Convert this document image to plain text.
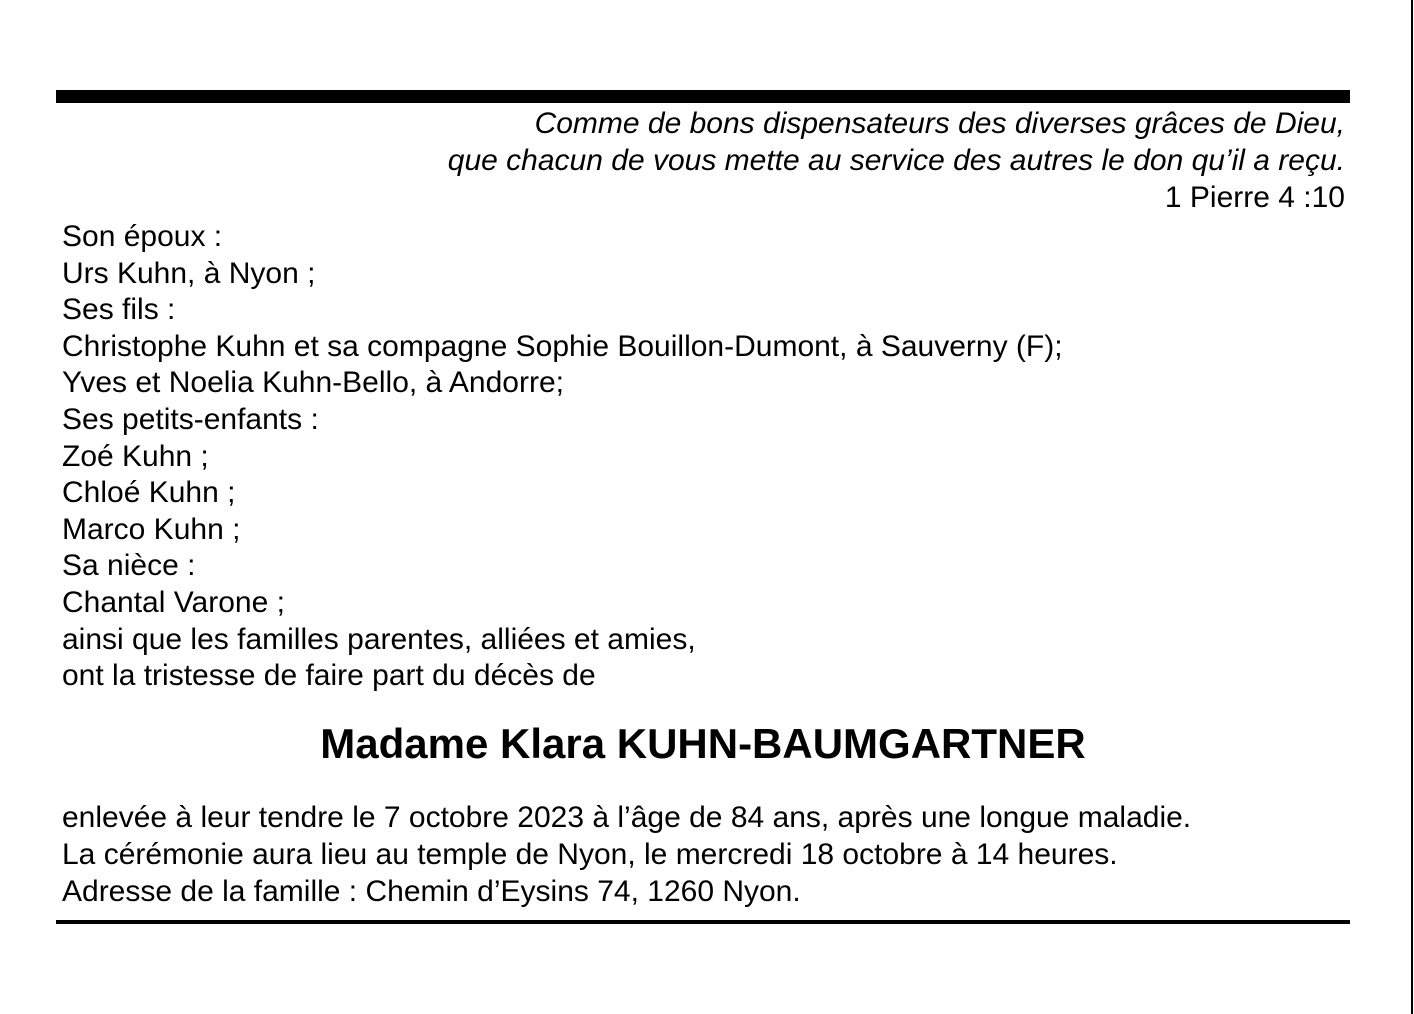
Comme de bons dispensateurs des diverses grâces de Dieu,
que chacun de vous mette au service des autres le don qu’il a reçu.
1 Pierre 4 :10
Son époux :
Urs Kuhn, à Nyon ;
Ses fils :
Christophe Kuhn et sa compagne Sophie Bouillon-Dumont, à Sauverny (F);
Yves et Noelia Kuhn-Bello, à Andorre;
Ses petits-enfants :
Zoé Kuhn ;
Chloé Kuhn ;
Marco Kuhn ;
Sa nièce :
Chantal Varone ;
ainsi que les familles parentes, alliées et amies,
ont la tristesse de faire part du décès de
Madame Klara KUHN-BAUMGARTNER
enlevée à leur tendre le 7 octobre 2023 à l’âge de 84 ans, après une longue maladie.
La cérémonie aura lieu au temple de Nyon, le mercredi 18 octobre à 14 heures.
Adresse de la famille : Chemin d’Eysins 74, 1260 Nyon.
